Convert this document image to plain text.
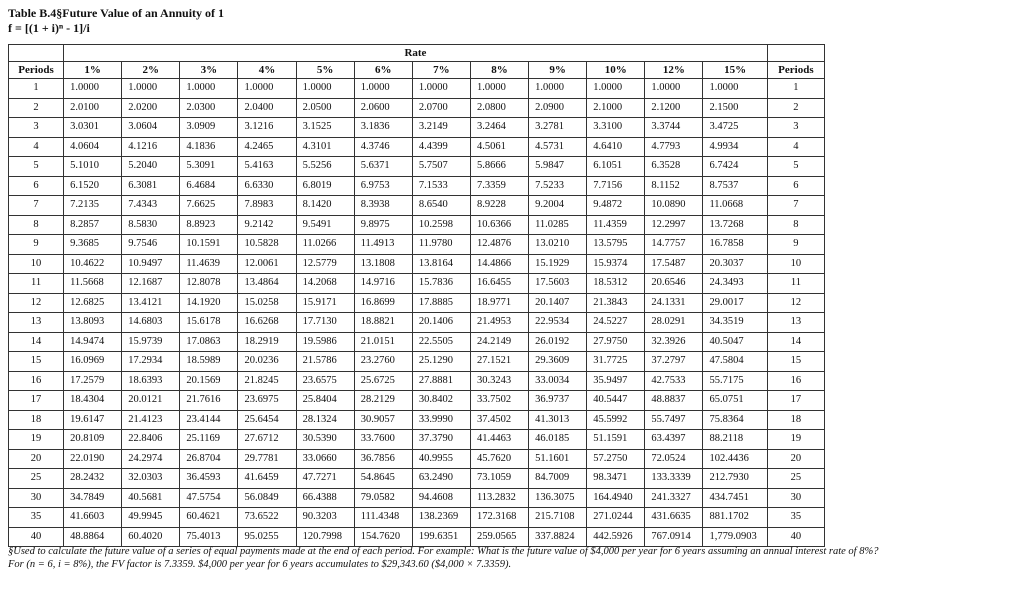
Table B.4§Future Value of an Annuity of 1
f = [(1 + i)ⁿ - 1]/i
	Rate												
Periods	1%	2%	3%	4%	5%	6%	7%	8%	9%	10%	12%	15%	Periods
1	1.0000	1.0000	1.0000	1.0000	1.0000	1.0000	1.0000	1.0000	1.0000	1.0000	1.0000	1.0000	1
2	2.0100	2.0200	2.0300	2.0400	2.0500	2.0600	2.0700	2.0800	2.0900	2.1000	2.1200	2.1500	2
3	3.0301	3.0604	3.0909	3.1216	3.1525	3.1836	3.2149	3.2464	3.2781	3.3100	3.3744	3.4725	3
4	4.0604	4.1216	4.1836	4.2465	4.3101	4.3746	4.4399	4.5061	4.5731	4.6410	4.7793	4.9934	4
5	5.1010	5.2040	5.3091	5.4163	5.5256	5.6371	5.7507	5.8666	5.9847	6.1051	6.3528	6.7424	5
6	6.1520	6.3081	6.4684	6.6330	6.8019	6.9753	7.1533	7.3359	7.5233	7.7156	8.1152	8.7537	6
7	7.2135	7.4343	7.6625	7.8983	8.1420	8.3938	8.6540	8.9228	9.2004	9.4872	10.0890	11.0668	7
8	8.2857	8.5830	8.8923	9.2142	9.5491	9.8975	10.2598	10.6366	11.0285	11.4359	12.2997	13.7268	8
9	9.3685	9.7546	10.1591	10.5828	11.0266	11.4913	11.9780	12.4876	13.0210	13.5795	14.7757	16.7858	9
10	10.4622	10.9497	11.4639	12.0061	12.5779	13.1808	13.8164	14.4866	15.1929	15.9374	17.5487	20.3037	10
11	11.5668	12.1687	12.8078	13.4864	14.2068	14.9716	15.7836	16.6455	17.5603	18.5312	20.6546	24.3493	11
12	12.6825	13.4121	14.1920	15.0258	15.9171	16.8699	17.8885	18.9771	20.1407	21.3843	24.1331	29.0017	12
13	13.8093	14.6803	15.6178	16.6268	17.7130	18.8821	20.1406	21.4953	22.9534	24.5227	28.0291	34.3519	13
14	14.9474	15.9739	17.0863	18.2919	19.5986	21.0151	22.5505	24.2149	26.0192	27.9750	32.3926	40.5047	14
15	16.0969	17.2934	18.5989	20.0236	21.5786	23.2760	25.1290	27.1521	29.3609	31.7725	37.2797	47.5804	15
16	17.2579	18.6393	20.1569	21.8245	23.6575	25.6725	27.8881	30.3243	33.0034	35.9497	42.7533	55.7175	16
17	18.4304	20.0121	21.7616	23.6975	25.8404	28.2129	30.8402	33.7502	36.9737	40.5447	48.8837	65.0751	17
18	19.6147	21.4123	23.4144	25.6454	28.1324	30.9057	33.9990	37.4502	41.3013	45.5992	55.7497	75.8364	18
19	20.8109	22.8406	25.1169	27.6712	30.5390	33.7600	37.3790	41.4463	46.0185	51.1591	63.4397	88.2118	19
20	22.0190	24.2974	26.8704	29.7781	33.0660	36.7856	40.9955	45.7620	51.1601	57.2750	72.0524	102.4436	20
25	28.2432	32.0303	36.4593	41.6459	47.7271	54.8645	63.2490	73.1059	84.7009	98.3471	133.3339	212.7930	25
30	34.7849	40.5681	47.5754	56.0849	66.4388	79.0582	94.4608	113.2832	136.3075	164.4940	241.3327	434.7451	30
35	41.6603	49.9945	60.4621	73.6522	90.3203	111.4348	138.2369	172.3168	215.7108	271.0244	431.6635	881.1702	35
40	48.8864	60.4020	75.4013	95.0255	120.7998	154.7620	199.6351	259.0565	337.8824	442.5926	767.0914	1,779.0903	40
§Used to calculate the future value of a series of equal payments made at the end of each period. For example: What is the future value of $4,000 per year for 6 years assuming an annual interest rate of 8%?
For (n = 6, i = 8%), the FV factor is 7.3359. $4,000 per year for 6 years accumulates to $29,343.60 ($4,000 × 7.3359).
